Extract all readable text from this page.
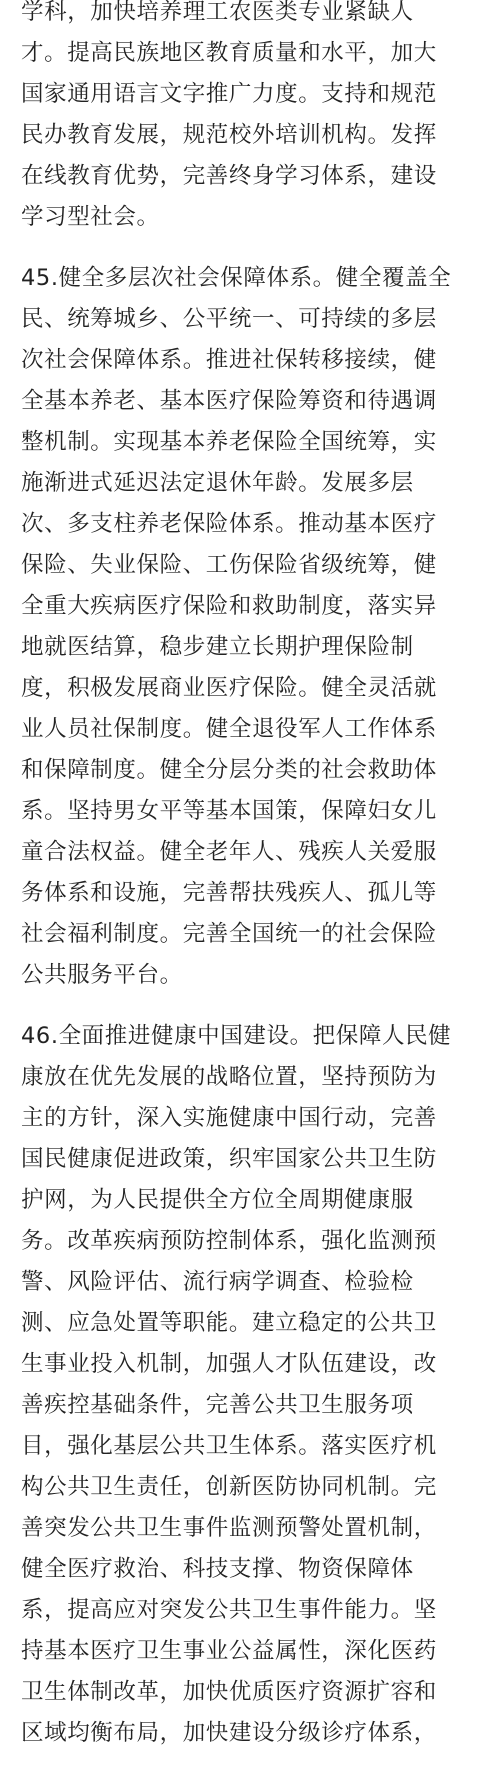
学科，加快培养理工农医类专业紧缺人
才。提高民族地区教育质量和水平，加大
国家通用语言文字推广力度。支持和规范
民办教育发展，规范校外培训机构。发挥
在线教育优势，完善终身学习体系，建设
学习型社会。
45.健全多层次社会保障体系。健全覆盖全
民、统筹城乡、公平统一、可持续的多层
次社会保障体系。推进社保转移接续，健
全基本养老、基本医疗保险筹资和待遇调
整机制。实现基本养老保险全国统筹，实
施渐进式延迟法定退休年龄。发展多层
次、多支柱养老保险体系。推动基本医疗
保险、失业保险、工伤保险省级统筹，健
全重大疾病医疗保险和救助制度，落实异
地就医结算，稳步建立长期护理保险制
度，积极发展商业医疗保险。健全灵活就
业人员社保制度。健全退役军人工作体系
和保障制度。健全分层分类的社会救助体
系。坚持男女平等基本国策，保障妇女儿
童合法权益。健全老年人、残疾人关爱服
务体系和设施，完善帮扶残疾人、孤儿等
社会福利制度。完善全国统一的社会保险
公共服务平台。
46.全面推进健康中国建设。把保障人民健
康放在优先发展的战略位置，坚持预防为
主的方针，深入实施健康中国行动，完善
国民健康促进政策，织牢国家公共卫生防
护网，为人民提供全方位全周期健康服
务。改革疾病预防控制体系，强化监测预
警、风险评估、流行病学调查、检验检
测、应急处置等职能。建立稳定的公共卫
生事业投入机制，加强人才队伍建设，改
善疾控基础条件，完善公共卫生服务项
目，强化基层公共卫生体系。落实医疗机
构公共卫生责任，创新医防协同机制。完
善突发公共卫生事件监测预警处置机制，
健全医疗救治、科技支撑、物资保障体
系，提高应对突发公共卫生事件能力。坚
持基本医疗卫生事业公益属性，深化医药
卫生体制改革，加快优质医疗资源扩容和
区域均衡布局，加快建设分级诊疗体系，
